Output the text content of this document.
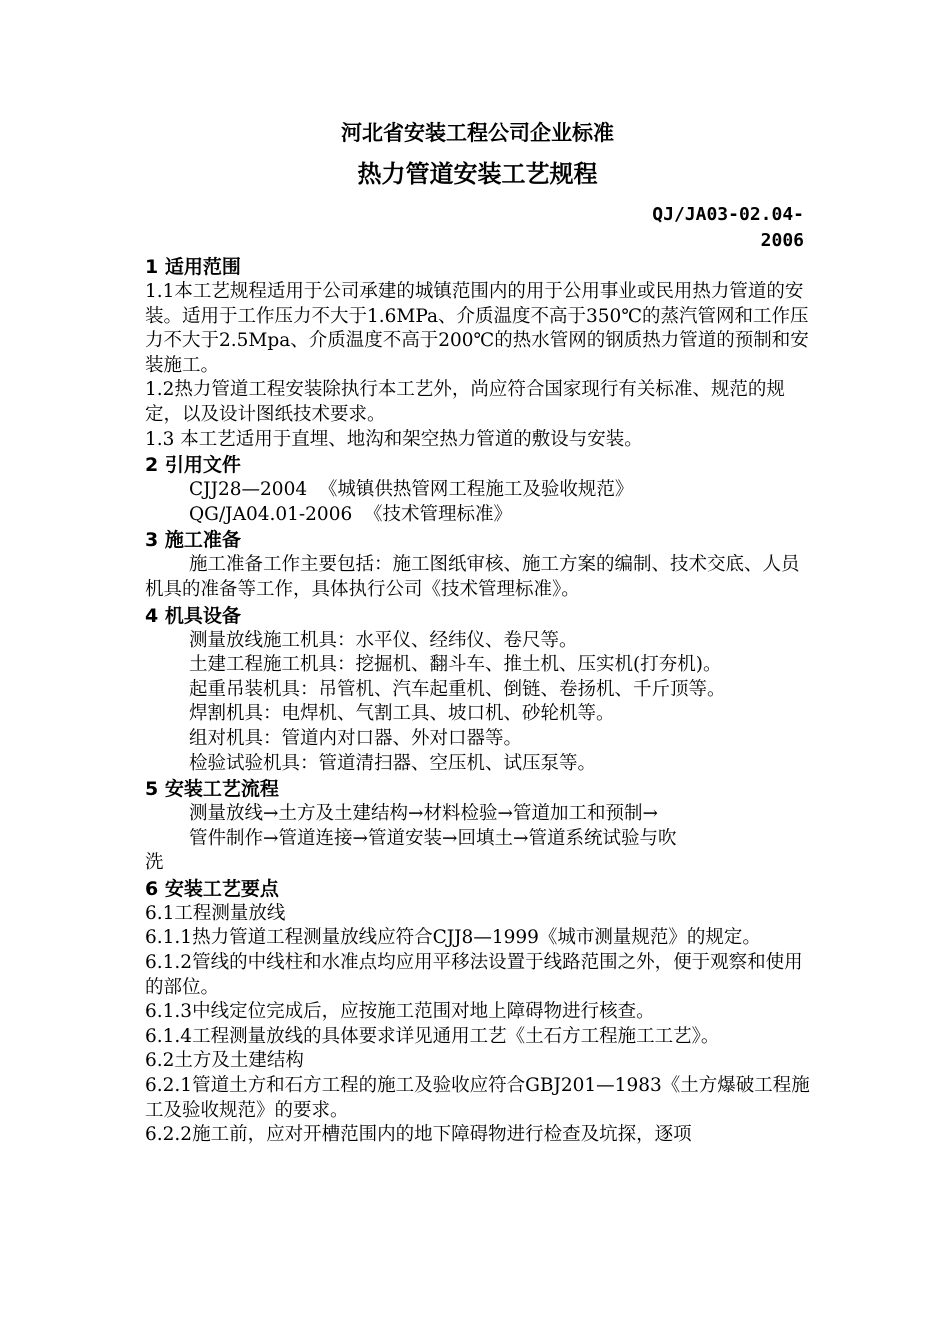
河北省安装工程公司企业标准
热力管道安装工艺规程
QJ/JA03-02.04-2006
1 适用范围

1.1本工艺规程适用于公司承建的城镇范围内的用于公用事业或民用热力管道的安装。适用于工作压力不大于1.6MPa、介质温度不高于350℃的蒸汽管网和工作压力不大于2.5Mpa、介质温度不高于200℃的热水管网的钢质热力管道的预制和安装施工。

1.2热力管道工程安装除执行本工艺外，尚应符合国家现行有关标准、规范的规定，以及设计图纸技术要求。

1.3 本工艺适用于直埋、地沟和架空热力管道的敷设与安装。

2 引用文件

CJJ28—2004  《城镇供热管网工程施工及验收规范》

QG/JA04.01-2006  《技术管理标准》

3 施工准备

施工准备工作主要包括：施工图纸审核、施工方案的编制、技术交底、人员机具的准备等工作，具体执行公司《技术管理标准》。

4 机具设备

测量放线施工机具：水平仪、经纬仪、卷尺等。

土建工程施工机具：挖掘机、翻斗车、推土机、压实机(打夯机)。

起重吊装机具：吊管机、汽车起重机、倒链、卷扬机、千斤顶等。

焊割机具：电焊机、气割工具、坡口机、砂轮机等。

组对机具：管道内对口器、外对口器等。

检验试验机具：管道清扫器、空压机、试压泵等。

5 安装工艺流程

测量放线→土方及土建结构→材料检验→管道加工和预制→

管件制作→管道连接→管道安装→回填土→管道系统试验与吹

洗

6 安装工艺要点

6.1工程测量放线

6.1.1热力管道工程测量放线应符合CJJ8—1999《城市测量规范》的规定。

6.1.2管线的中线柱和水准点均应用平移法设置于线路范围之外，便于观察和使用的部位。

6.1.3中线定位完成后，应按施工范围对地上障碍物进行核查。

6.1.4工程测量放线的具体要求详见通用工艺《土石方工程施工工艺》。

6.2土方及土建结构

6.2.1管道土方和石方工程的施工及验收应符合GBJ201—1983《土方爆破工程施工及验收规范》的要求。

6.2.2施工前，应对开槽范围内的地下障碍物进行检查及坑探，逐项
